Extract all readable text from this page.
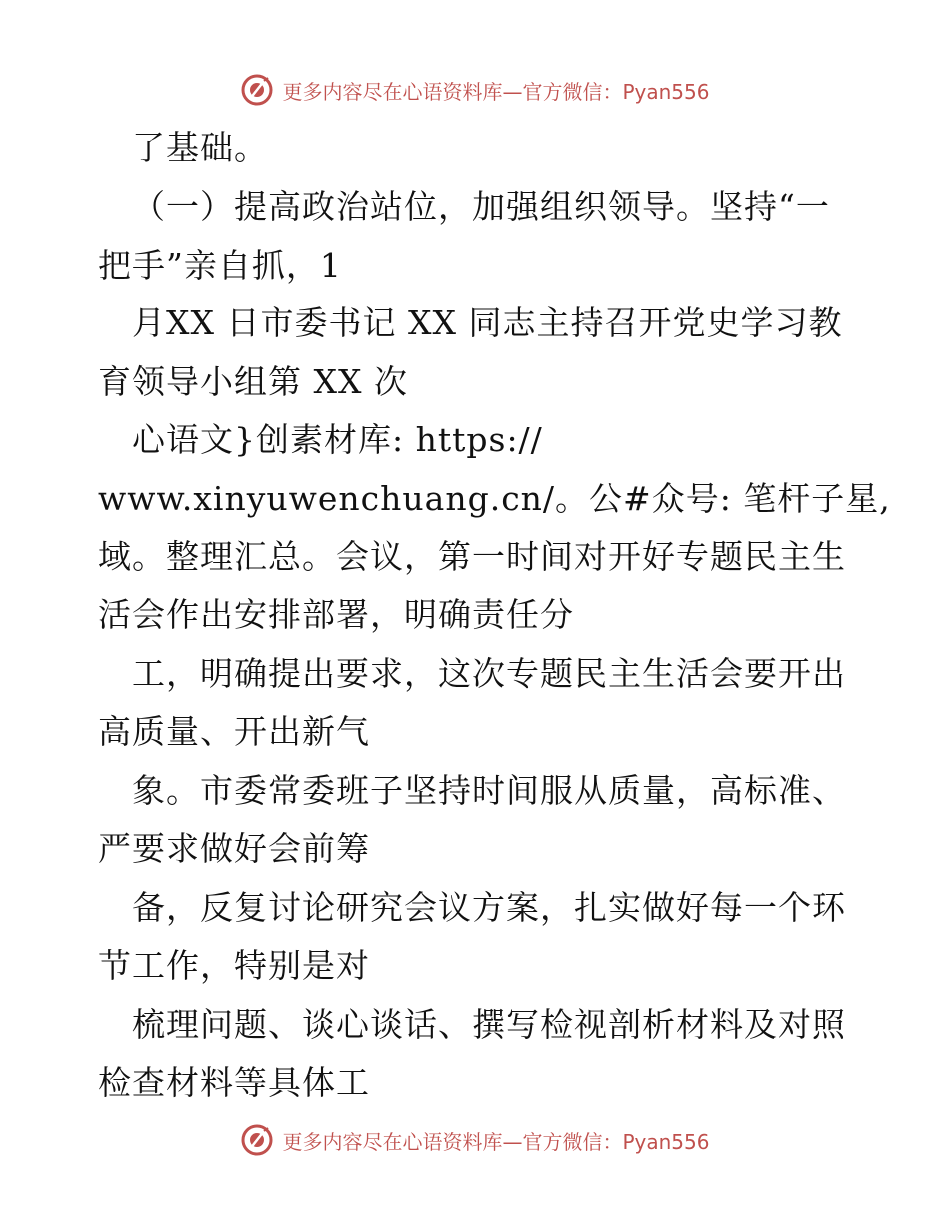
更多内容尽在心语资料库—官方微信：Pyan556
了基础。
（一）提高政治站位，加强组织领导。坚持“一
把手”亲自抓，1
月XX 日市委书记 XX 同志主持召开党史学习教
育领导小组第 XX 次
心语文}创素材库: https://
www.xinyuwenchuang.cn/。公#众号: 笔杆子星,
域。整理汇总。会议，第一时间对开好专题民主生
活会作出安排部署，明确责任分
工，明确提出要求，这次专题民主生活会要开出
高质量、开出新气
象。市委常委班子坚持时间服从质量，高标准、
严要求做好会前筹
备，反复讨论研究会议方案，扎实做好每一个环
节工作，特别是对
梳理问题、谈心谈话、撰写检视剖析材料及对照
检查材料等具体工
更多内容尽在心语资料库—官方微信：Pyan556
